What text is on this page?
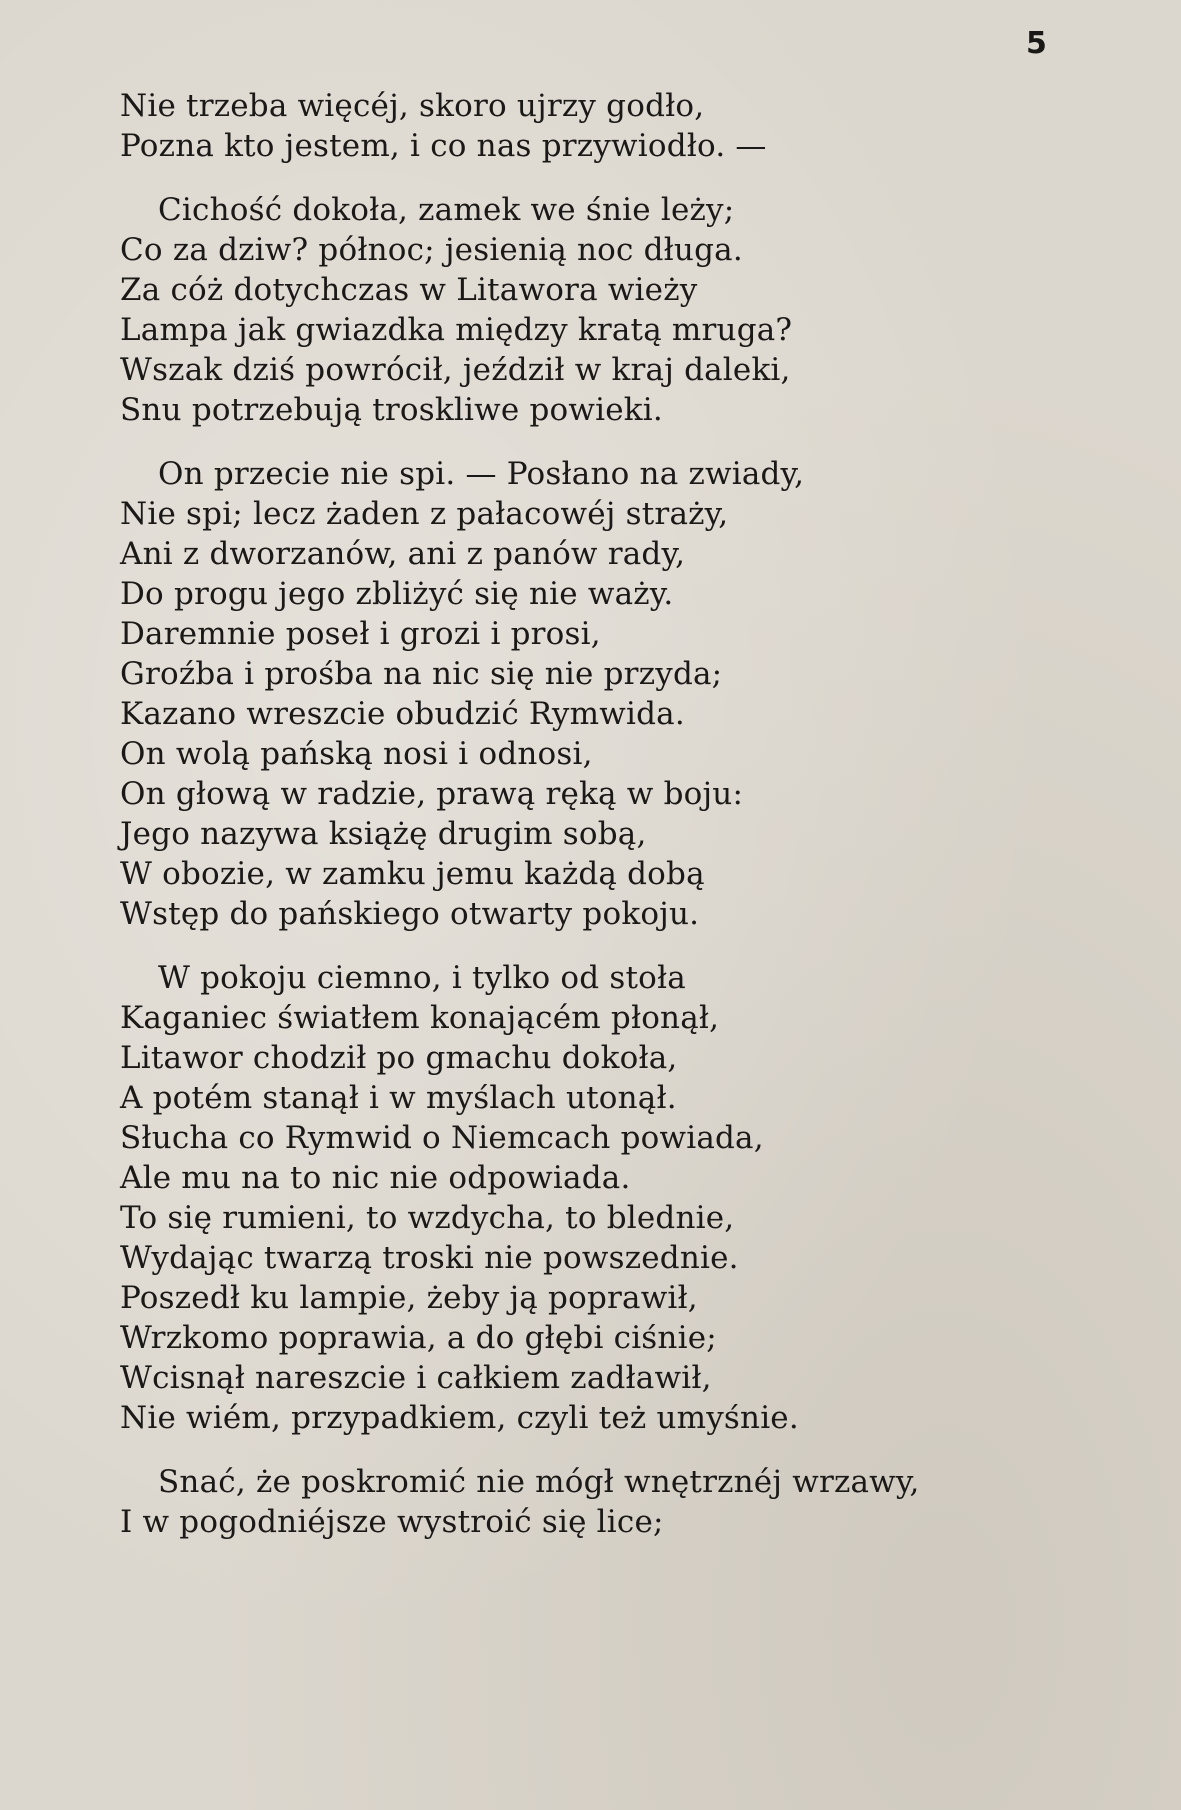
5
Nie trzeba więcéj, skoro ujrzy godło,
Pozna kto jestem, i co nas przywiodło. —
Cichość dokoła, zamek we śnie leży;
Co za dziw? północ; jesienią noc długa.
Za cóż dotychczas w Litawora wieży
Lampa jak gwiazdka między kratą mruga?
Wszak dziś powrócił, jeździł w kraj daleki,
Snu potrzebują troskliwe powieki.
On przecie nie spi. — Posłano na zwiady,
Nie spi; lecz żaden z pałacowéj straży,
Ani z dworzanów, ani z panów rady,
Do progu jego zbliżyć się nie waży.
Daremnie poseł i grozi i prosi,
Groźba i prośba na nic się nie przyda;
Kazano wreszcie obudzić Rymwida.
On wolą pańską nosi i odnosi,
On głową w radzie, prawą ręką w boju:
Jego nazywa książę drugim sobą,
W obozie, w zamku jemu każdą dobą
Wstęp do pańskiego otwarty pokoju.
W pokoju ciemno, i tylko od stoła
Kaganiec światłem konającém płonął,
Litawor chodził po gmachu dokoła,
A potém stanął i w myślach utonął.
Słucha co Rymwid o Niemcach powiada,
Ale mu na to nic nie odpowiada.
To się rumieni, to wzdycha, to blednie,
Wydając twarzą troski nie powszednie.
Poszedł ku lampie, żeby ją poprawił,
Wrzkomo poprawia, a do głębi ciśnie;
Wcisnął nareszcie i całkiem zadławił,
Nie wiém, przypadkiem, czyli też umyśnie.
Snać, że poskromić nie mógł wnętrznéj wrzawy,
I w pogodniéjsze wystroić się lice;
